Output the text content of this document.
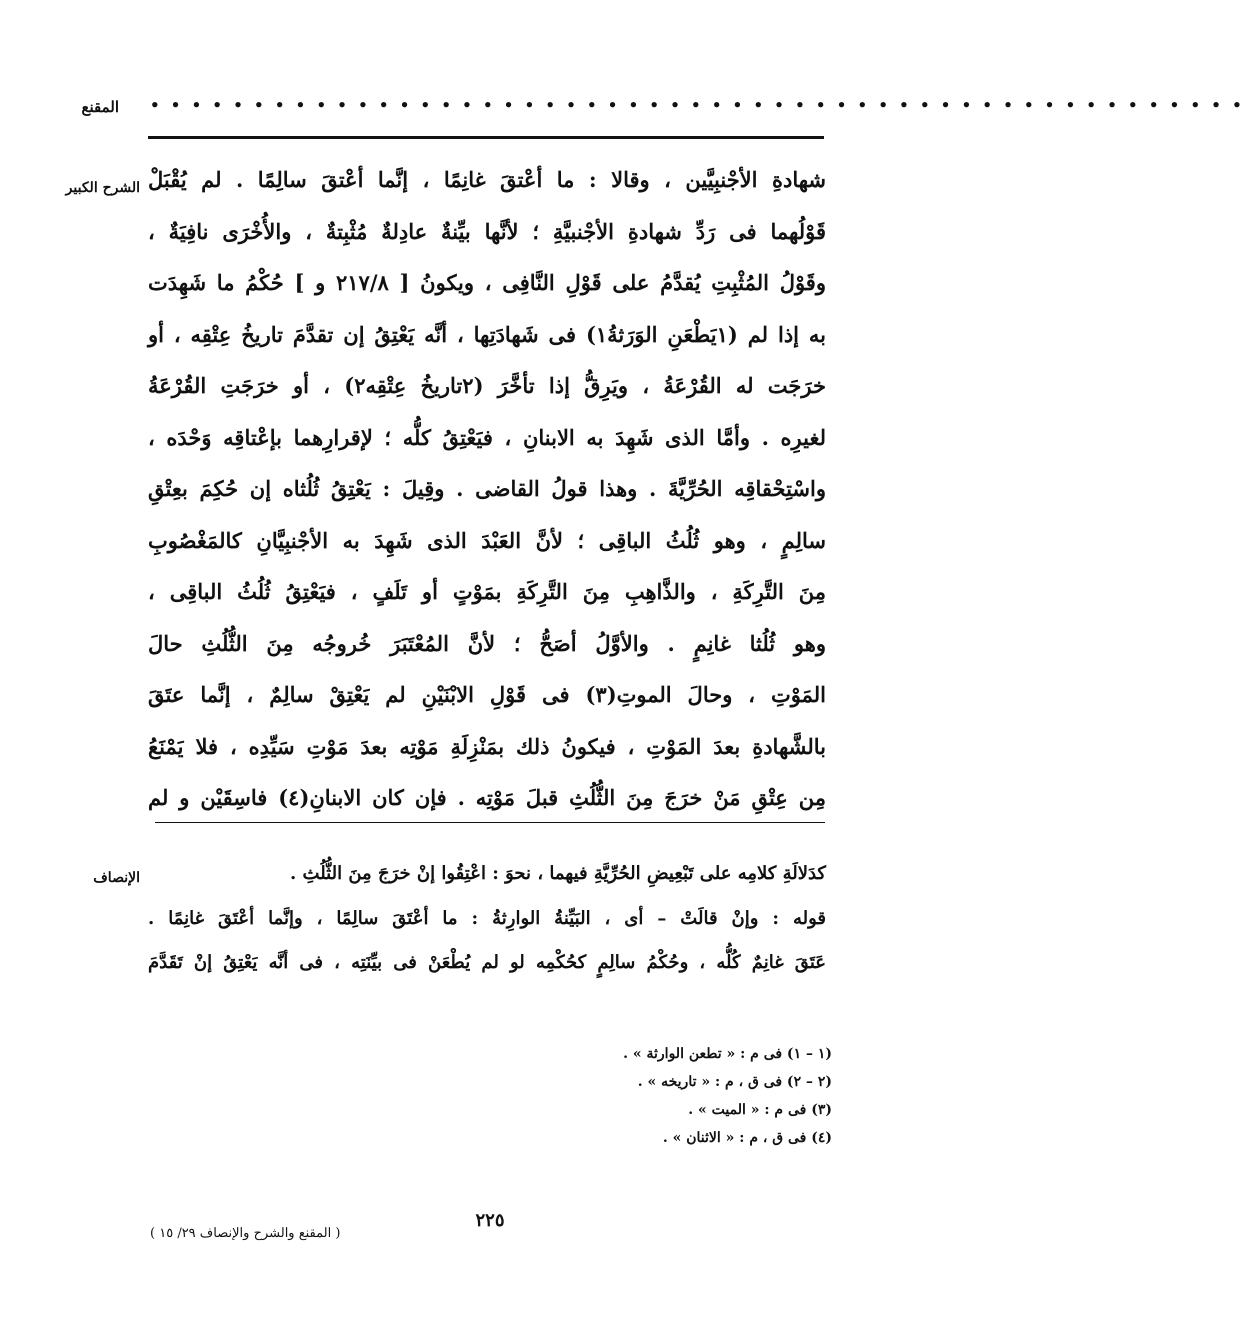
• • • • • • • • • • • • • • • • • • • • • • • • • • • • • • • • • • • • • • • • • • • • • • • • • • • • •
المقنع
الشرح الكبير شهادةِ الأجْنبِيَّين ، وقالا : ما أعْتقَ غانِمًا ، إنَّما أعْتقَ سالِمًا . لم يُقْبَلْ
قَوْلُهما فى رَدِّ شهادةِ الأجْنبيَّةِ ؛ لأنَّها بيِّنةٌ عادِلةٌ مُثْبِتةٌ ، والأُخْرَى نافِيَةٌ ،
وقَوْلُ المُثْبِتِ يُقدَّمُ على قَوْلِ النَّافِى ، ويكونُ [ ٢١٧/٨ و ] حُكْمُ ما شَهِدَت
به إذا لم (١يَطْعَنِ الوَرَثةُ١) فى شَهادَتِها ، أنَّه يَعْتِقُ إن تقدَّمَ تاريخُ عِتْقِه ، أو
خرَجَت له القُرْعَةُ ، ويَرِقُّ إذا تأخَّرَ (٢تاريخُ عِتْقِه٢) ، أو خرَجَتِ القُرْعَةُ
لغيرِه . وأمَّا الذى شَهِدَ به الابنانِ ، فيَعْتِقُ كلُّه ؛ لإقرارِهما بإعْتاقِه وَحْدَه ،
واسْتِحْقاقِه الحُرِّيَّةَ . وهذا قولُ القاضى . وقِيلَ : يَعْتِقُ ثُلُثاه إن حُكِمَ بعِتْقِ
سالِمٍ ، وهو ثُلُثُ الباقِى ؛ لأنَّ العَبْدَ الذى شَهِدَ به الأجْنبِيَّانِ كالمَغْصُوبِ
مِنَ التَّرِكَةِ ، والذَّاهِبِ مِنَ التَّرِكَةِ بمَوْتٍ أو تَلَفٍ ، فيَعْتِقُ ثُلُثُ الباقِى ،
وهو ثُلُثا غانِمٍ . والأوَّلُ أصَحُّ ؛ لأنَّ المُعْتَبَرَ خُروجُه مِنَ الثُّلُثِ حالَ
المَوْتِ ، وحالَ الموتِ(٣) فى قَوْلِ الابْنَيْنِ لم يَعْتِقْ سالِمٌ ، إنَّما عتَقَ
بالشَّهادةِ بعدَ المَوْتِ ، فيكونُ ذلك بمَنْزِلَةِ مَوْتِه بعدَ مَوْتِ سَيِّدِه ، فلا يَمْنَعُ
مِن عِتْقِ مَنْ خرَجَ مِنَ الثُّلُثِ قبلَ مَوْتِه . فإن كان الابنانِ(٤) فاسِقَيْن و لم
الإنصاف	كدَلالَةِ كلامِه على تَبْعِيضِ الحُرِّيَّةِ فيهما ، نحوَ : اعْتِقُوا إنْ خرَجَ مِنَ الثُّلُثِ .
قوله : وإنْ قالَتْ – أى ، البَيِّنةُ الوارِثةُ : ما أعْتَقَ سالِمًا ، وإنَّما أعْتَقَ غانِمًا .
عَتَقَ غانِمٌ كُلُّه ، وحُكْمُ سالِمٍ كحُكْمِه لو لم يُطْعَنْ فى بيِّنَتِه ، فى أنَّه يَعْتِقُ إنْ تَقَدَّمَ
(١ – ١) فى م : « تطعن الوارثة » .
(٢ – ٢) فى ق ، م : « تاريخه » .
(٣) فى م : « الميت » .
(٤) فى ق ، م : « الاثنان » .
٢٢٥
( المقنع والشرح والإنصاف ٢٩/ ١٥ )
